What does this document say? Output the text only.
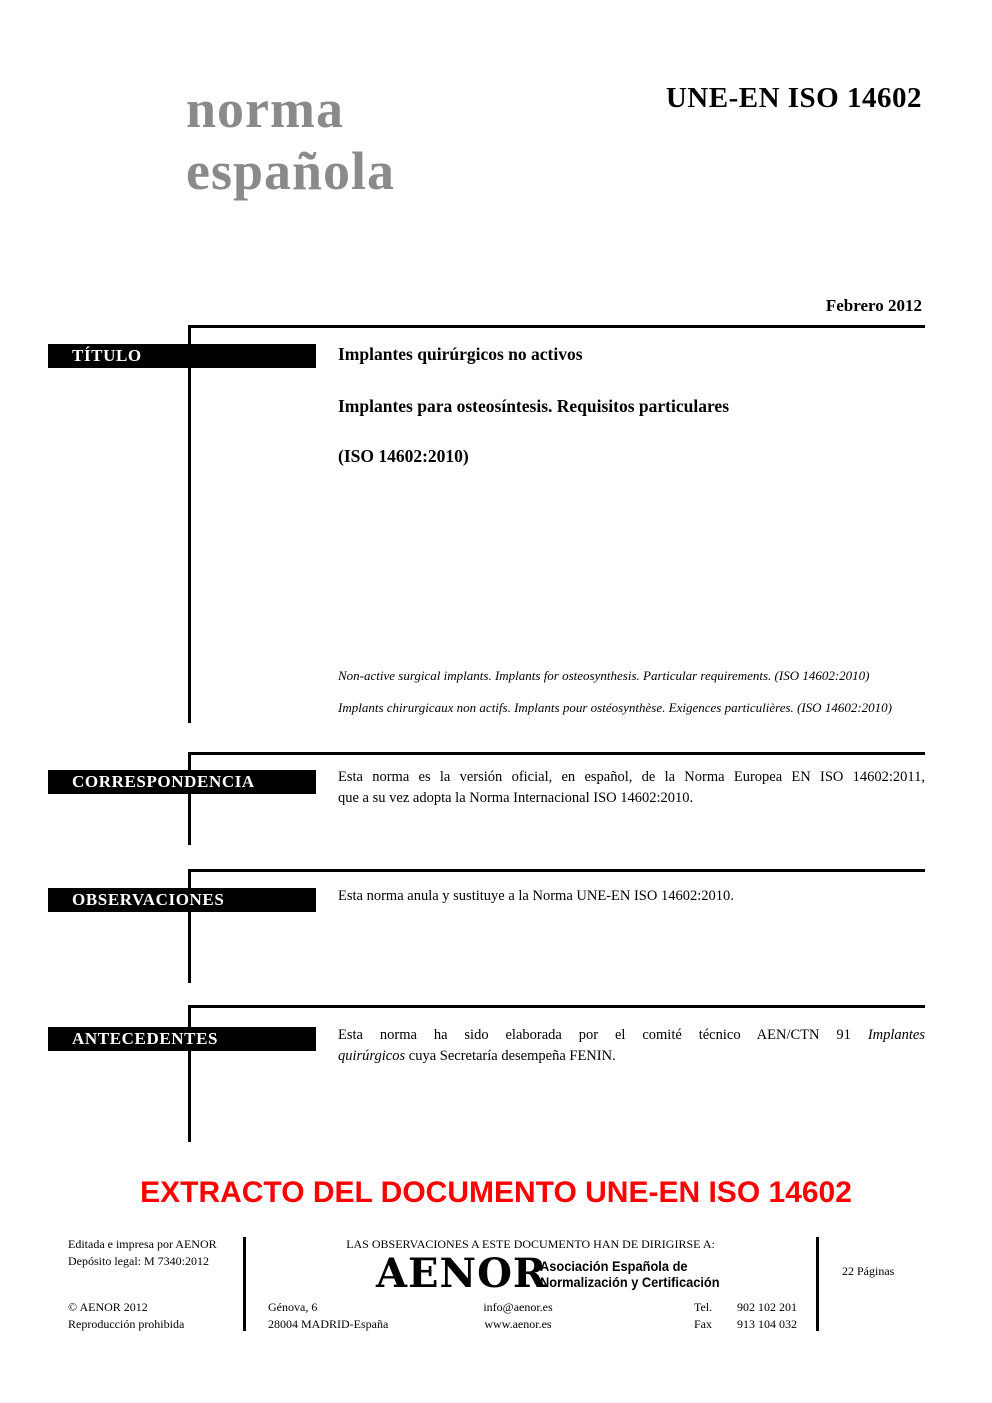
norma
española
UNE-EN ISO 14602
Febrero 2012
TÍTULO	Implantes quirúrgicos no activos
Implantes para osteosíntesis. Requisitos particulares
(ISO 14602:2010)
Non-active surgical implants. Implants for osteosynthesis. Particular requirements. (ISO 14602:2010)
Implants chirurgicaux non actifs. Implants pour ostéosynthèse. Exigences particulières. (ISO 14602:2010)
CORRESPONDENCIA	Esta norma es la versión oficial, en español, de la Norma Europea EN ISO 14602:2011,
que a su vez adopta la Norma Internacional ISO 14602:2010.
OBSERVACIONES	Esta norma anula y sustituye a la Norma UNE-EN ISO 14602:2010.
ANTECEDENTES	Esta norma ha sido elaborada por el comité técnico AEN/CTN 91 Implantes
quirúrgicos cuya Secretaría desempeña FENIN.
EXTRACTO DEL DOCUMENTO UNE-EN ISO 14602
Editada e impresa por AENOR
Depósito legal: M 7340:2012
© AENOR 2012
Reproducción prohibida
LAS OBSERVACIONES A ESTE DOCUMENTO HAN DE DIRIGIRSE A:
AENOR
Asociación Española de
Normalización y Certificación
Génova, 6
28004 MADRID-España
info@aenor.es
www.aenor.es
Tel. 902 102 201
Fax 913 104 032
22 Páginas
